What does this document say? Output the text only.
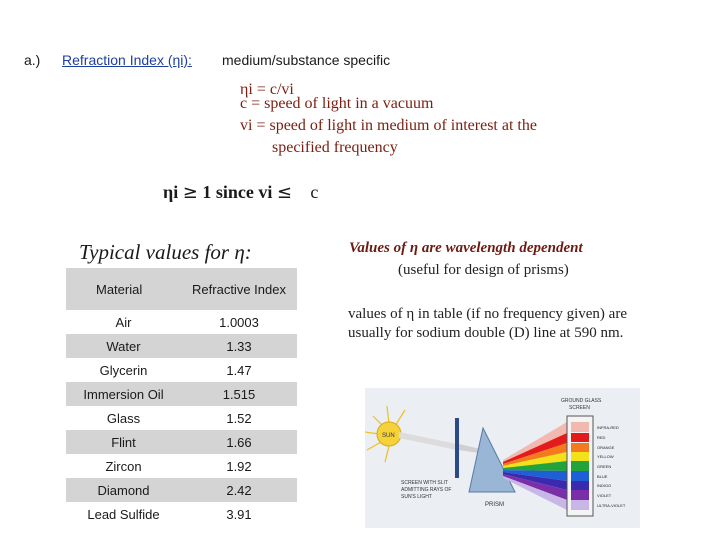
a.) Refraction Index (ηi): medium/substance specific
ηi = c/vi
c = speed of light in a vacuum
vi = speed of light in medium of interest at the
specified frequency
ηi ≥ 1 since vi ≤ c
Typical values for η:
Material	Refractive Index
Air	1.0003
Water	1.33
Glycerin	1.47
Immersion Oil	1.515
Glass	1.52
Flint	1.66
Zircon	1.92
Diamond	2.42
Lead Sulfide	3.91
Values of η are wavelength dependent
(useful for design of prisms)
values of η in table (if no frequency given) are usually for sodium double (D) line at 590 nm.
SUN
PRISM
SCREEN WITH SLIT
ADMITTING RAYS OF
SUN'S LIGHT
GROUND GLASS
SCREEN
INFRA-RED
RED
ORANGE
YELLOW
GREEN
BLUE
INDIGO
VIOLET
ULTRA-VIOLET
